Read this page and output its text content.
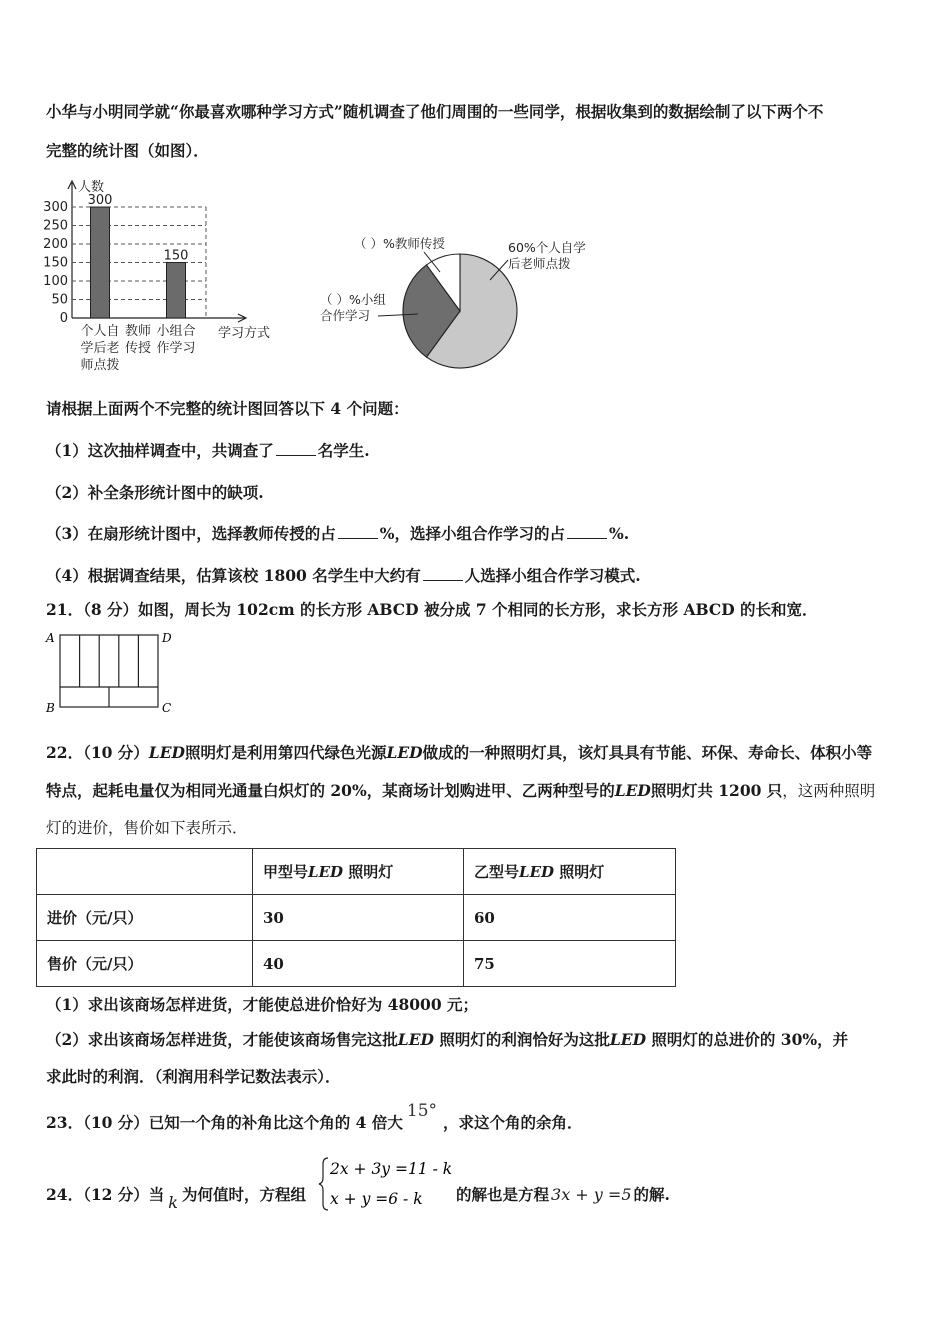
小华与小明同学就“你最喜欢哪种学习方式”随机调查了他们周围的一些同学，根据收集到的数据绘制了以下两个不
完整的统计图（如图）．
0
50
100
150
200
250
300
人数
学习方式
300
150
个人自
学后老
师点拨
教师
传授
小组合
作学习
60%个人自学
后老师点拨
（ ）%小组
合作学习
（ ）%教师传授
请根据上面两个不完整的统计图回答以下 4 个问题：
（1）这次抽样调查中，共调查了	名学生.
（2）补全条形统计图中的缺项.
（3）在扇形统计图中，选择教师传授的占	%，选择小组合作学习的占	%.
（4）根据调查结果，估算该校 1800 名学生中大约有	人选择小组合作学习模式.
21．（8 分）如图，周长为 102cm 的长方形 ABCD 被分成 7 个相同的长方形，求长方形 ABCD 的长和宽．
A	D
B	C
22．（10 分）LED照明灯是利用第四代绿色光源LED做成的一种照明灯具，该灯具具有节能、环保、寿命长、体积小等
特点，起耗电量仅为相同光通量白炽灯的 20%，某商场计划购进甲、乙两种型号的LED照明灯共 1200 只，这两种照明
灯的进价，售价如下表所示．
	甲型号LED 照明灯	乙型号LED 照明灯
进价（元/只）	30	60
售价（元/只）	40	75
（1）求出该商场怎样进货，才能使总进价恰好为 48000 元；
（2）求出该商场怎样进货，才能使该商场售完这批LED 照明灯的利润恰好为这批LED 照明灯的总进价的 30%，并
求此时的利润．（利润用科学记数法表示）．
23．（10 分）已知一个角的补角比这个角的 4 倍大15°，求这个角的余角．
24．（12 分）当 k 为何值时，方程组
2x + 3y =11 - k
x + y =6 - k 的解也是方程 3x + y =5 的解.
